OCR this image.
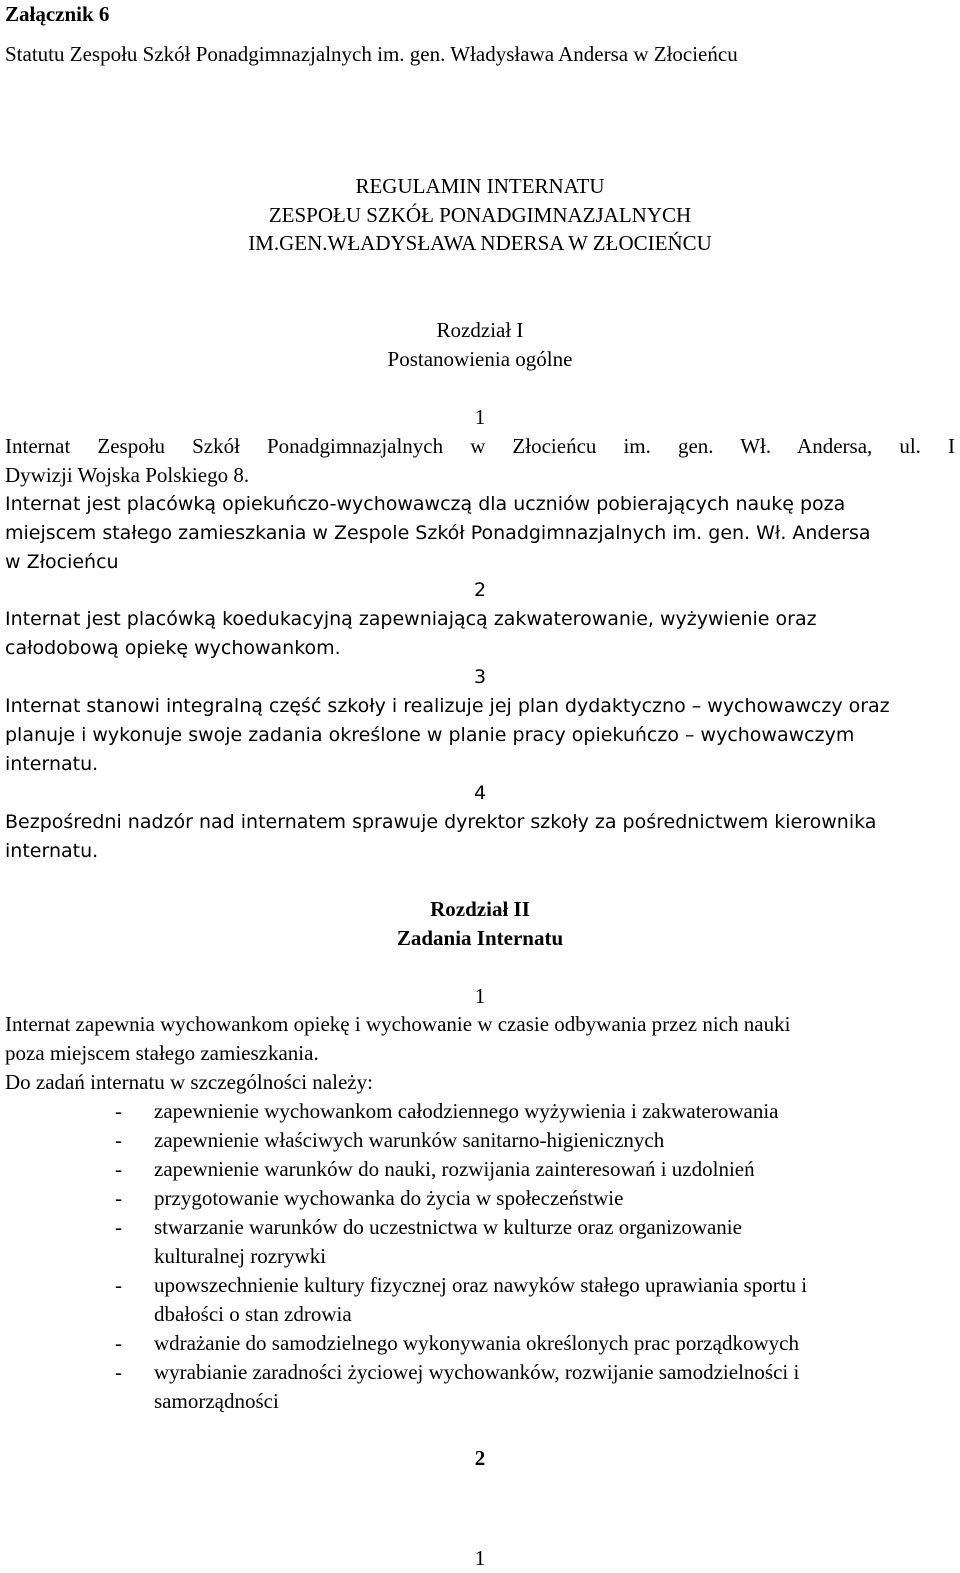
Załącznik 6

Statutu Zespołu Szkół Ponadgimnazjalnych im. gen. Władysława Andersa w Złocieńcu

REGULAMIN INTERNATU

ZESPOŁU SZKÓŁ PONADGIMNAZJALNYCH

IM.GEN.WŁADYSŁAWA NDERSA W ZŁOCIEŃCU

Rozdział I

Postanowienia ogólne

1

Internat Zespołu Szkół Ponadgimnazjalnych w Złocieńcu im. gen. Wł. Andersa, ul. I

Dywizji Wojska Polskiego 8.

Internat jest placówką opiekuńczo-wychowawczą dla uczniów pobierających naukę poza

miejscem stałego zamieszkania w Zespole Szkół Ponadgimnazjalnych im. gen. Wł. Andersa

w Złocieńcu

2

Internat jest placówką koedukacyjną zapewniającą zakwaterowanie, wyżywienie oraz

całodobową opiekę wychowankom.

3

Internat stanowi integralną część szkoły i realizuje jej plan dydaktyczno – wychowawczy oraz

planuje i wykonuje swoje zadania określone w planie pracy opiekuńczo – wychowawczym

internatu.

4

Bezpośredni nadzór nad internatem sprawuje dyrektor szkoły za pośrednictwem kierownika

internatu.

Rozdział II

Zadania Internatu

1

Internat zapewnia wychowankom opiekę i wychowanie w czasie odbywania przez nich nauki

poza miejscem stałego zamieszkania.

Do zadań internatu w szczególności należy:

- zapewnienie wychowankom całodziennego wyżywienia i zakwaterowania
- zapewnienie właściwych warunków sanitarno-higienicznych
- zapewnienie warunków do nauki, rozwijania zainteresowań i uzdolnień
- przygotowanie wychowanka do życia w społeczeństwie
- stwarzanie warunków do uczestnictwa w kulturze oraz organizowanie
kulturalnej rozrywki
- upowszechnienie kultury fizycznej oraz nawyków stałego uprawiania sportu i
dbałości o stan zdrowia
- wdrażanie do samodzielnego wykonywania określonych prac porządkowych
- wyrabianie zaradności życiowej wychowanków, rozwijanie samodzielności i
samorządności

2

1
